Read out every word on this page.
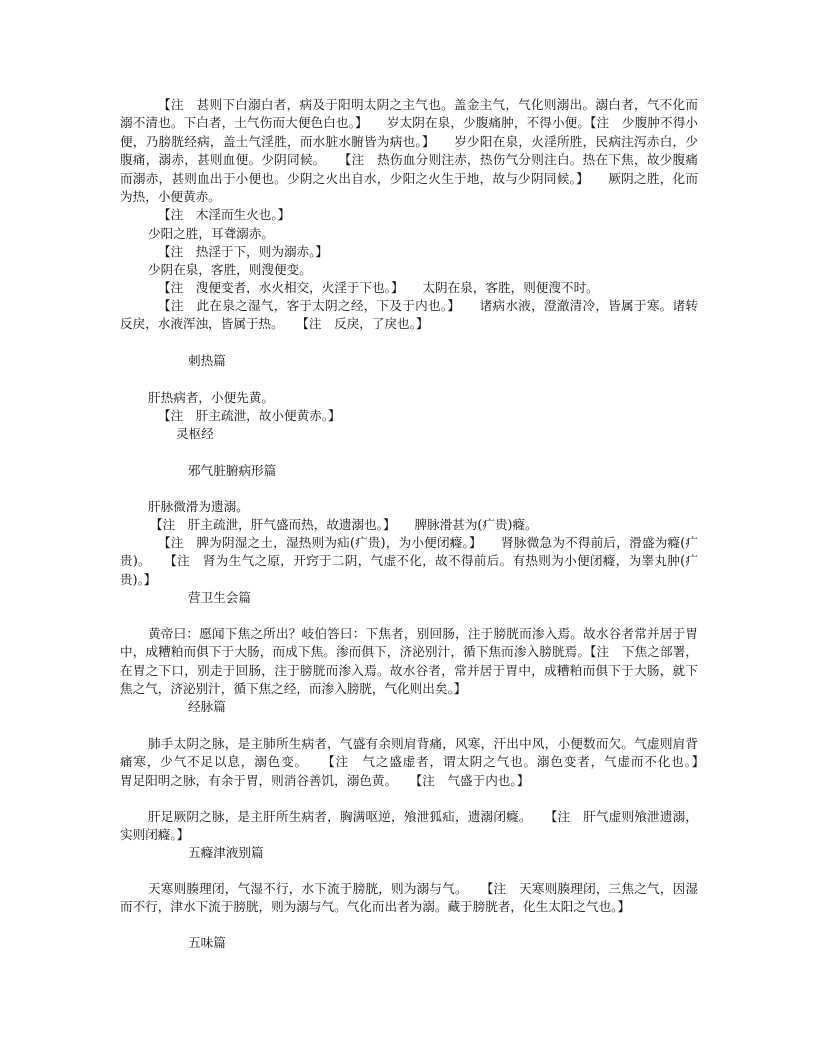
【注　甚则下白溺白者，病及于阳明太阴之主气也。盖金主气，气化则溺出。溺白者，气不化而溺不清也。下白者，土气伤而大便色白也。】　　岁太阴在泉，少腹痛肿，不得小便。【注　少腹肿不得小便，乃膀胱经病，盖土气淫胜，而水脏水腑皆为病也。】　　岁少阳在泉，火淫所胜，民病注泻赤白，少腹痛，溺赤，甚则血便。少阴同候。　　【注　热伤血分则注赤，热伤气分则注白。热在下焦，故少腹痛而溺赤，甚则血出于小便也。少阴之火出自水，少阳之火生于地，故与少阴同候。】　　厥阴之胜，化而为热，小便黄赤。

【注　木淫而生火也。】

少阳之胜，耳聋溺赤。

【注　热淫于下，则为溺赤。】

少阴在泉，客胜，则溲便变。

【注　溲便变者，水火相交，火淫于下也。】　　太阴在泉，客胜，则便溲不时。

【注　此在泉之湿气，客于太阴之经，下及于内也。】　　诸病水液，澄澈清冷，皆属于寒。诸转反戾，水液浑浊，皆属于热。　　【注　反戾，了戾也。】

刺热篇

肝热病者，小便先黄。

【注　肝主疏泄，故小便黄赤。】

灵枢经

邪气脏腑病形篇

肝脉微滑为遗溺。

【注　肝主疏泄，肝气盛而热，故遗溺也。】　　脾脉滑甚为(疒贵)癃。

【注　脾为阴湿之土，湿热则为疝(疒贵)，为小便闭癃。】　　肾脉微急为不得前后，滑盛为癃(疒贵)。　　【注　肾为生气之原，开窍于二阴，气虚不化，故不得前后。有热则为小便闭癃，为睾丸肿(疒贵)。】

营卫生会篇

黄帝曰：愿闻下焦之所出？岐伯答曰：下焦者，别回肠，注于膀胱而渗入焉。故水谷者常并居于胃中，成糟粕而俱下于大肠，而成下焦。渗而俱下，济泌别汁，循下焦而渗入膀胱焉。【注　下焦之部署，在胃之下口，别走于回肠，注于膀胱而渗入焉。故水谷者，常并居于胃中，成糟粕而俱下于大肠，就下焦之气，济泌别汁，循下焦之经，而渗入膀胱，气化则出矣。】

经脉篇

肺手太阴之脉，是主肺所生病者，气盛有余则肩背痛，风寒，汗出中风，小便数而欠。气虚则肩背痛寒，少气不足以息，溺色变。　　【注　气之盛虚者，谓太阴之气也。溺色变者，气虚而不化也。】　　胃足阳明之脉，有余于胃，则消谷善饥，溺色黄。　　【注　气盛于内也。】

肝足厥阴之脉，是主肝所生病者，胸满呕逆，飧泄狐疝，遗溺闭癃。　　【注　肝气虚则飧泄遗溺，实则闭癃。】

五癃津液别篇

天寒则腠理闭，气湿不行，水下流于膀胱，则为溺与气。　　【注　天寒则腠理闭，三焦之气，因湿而不行，津水下流于膀胱，则为溺与气。气化而出者为溺。藏于膀胱者，化生太阳之气也。】

五味篇
